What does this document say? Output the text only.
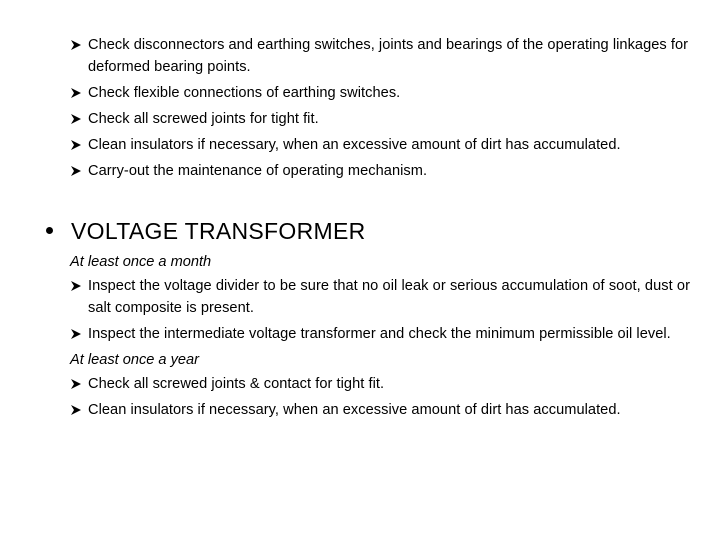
Check disconnectors and earthing switches, joints and bearings of the operating linkages for deformed bearing points.
Check flexible connections of earthing switches.
Check all screwed joints for tight fit.
Clean insulators if necessary, when an excessive amount of dirt has accumulated.
Carry-out the maintenance of operating mechanism.
VOLTAGE TRANSFORMER
At least once a month
Inspect the voltage divider to be sure that no oil leak or serious accumulation of soot, dust or salt composite is present.
Inspect the intermediate voltage transformer and check the minimum permissible oil level.
At least once a year
Check all screwed joints & contact for tight fit.
Clean insulators if necessary, when an excessive amount of dirt has accumulated.
